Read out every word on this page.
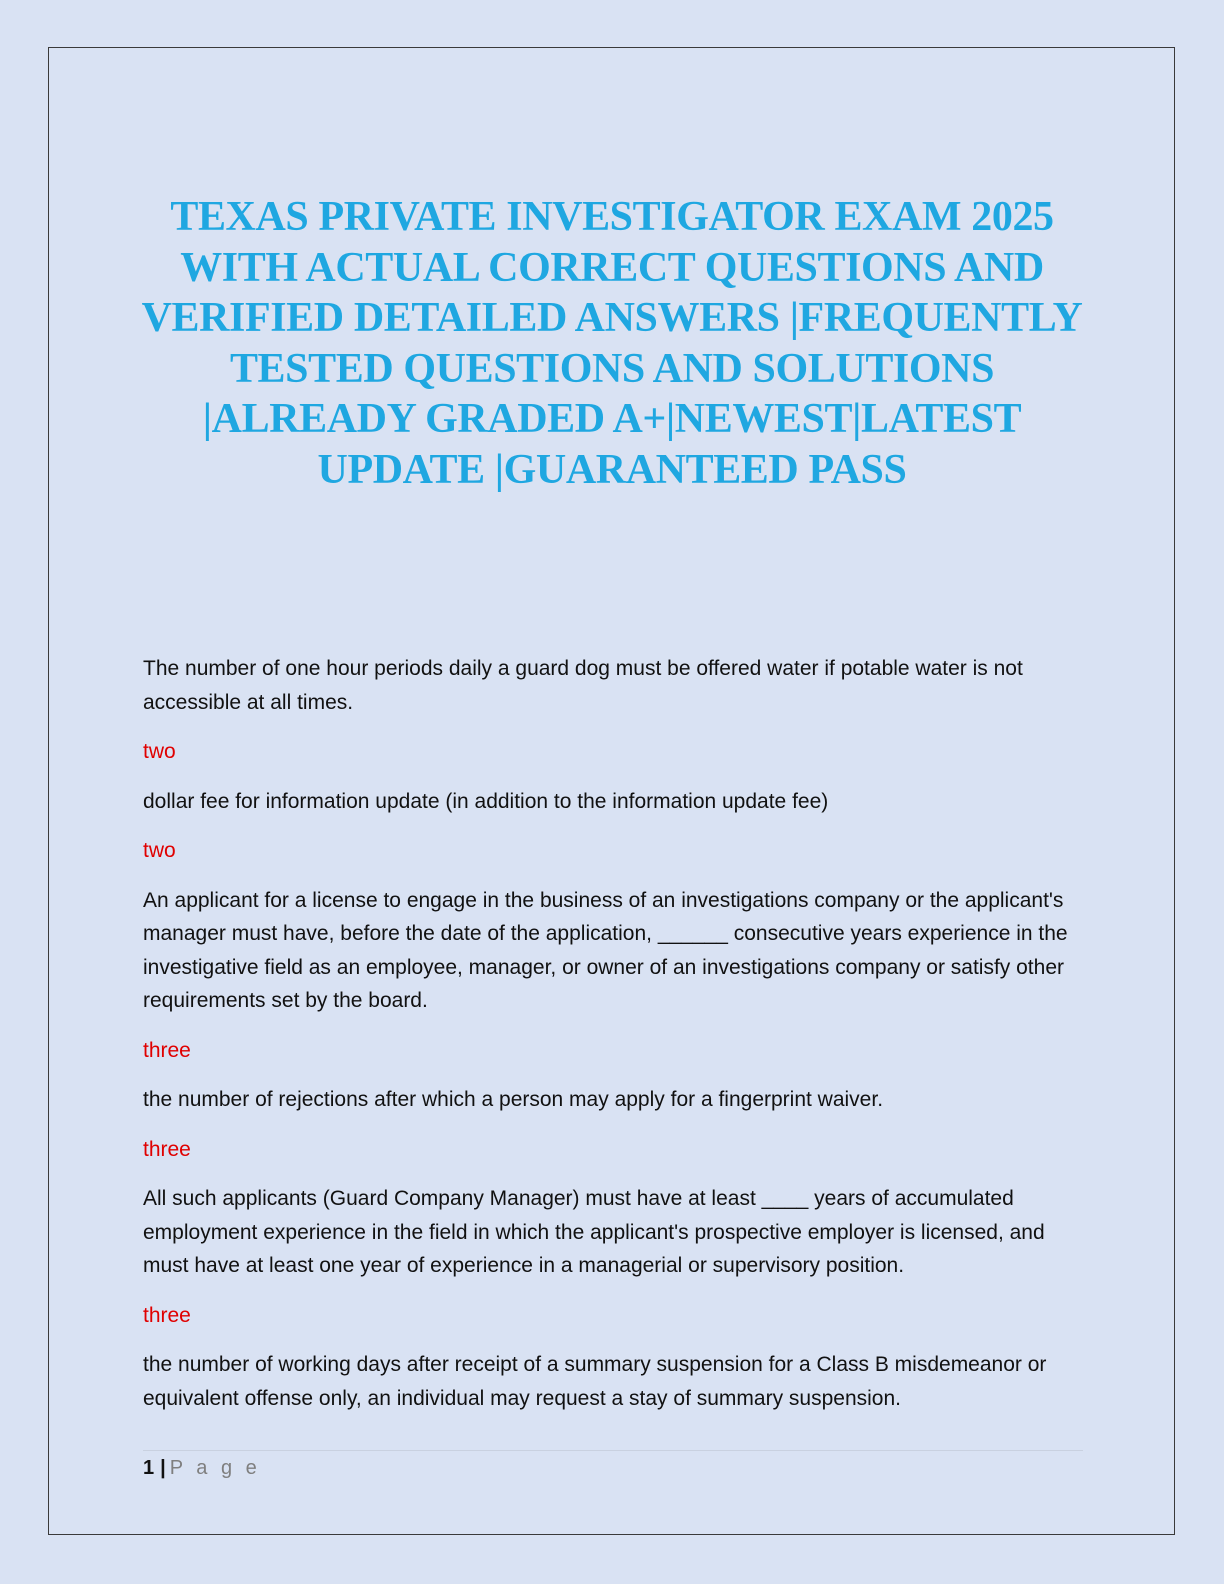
TEXAS PRIVATE INVESTIGATOR EXAM 2025 WITH ACTUAL CORRECT QUESTIONS AND VERIFIED DETAILED ANSWERS |FREQUENTLY TESTED QUESTIONS AND SOLUTIONS |ALREADY GRADED A+|NEWEST|LATEST UPDATE |GUARANTEED PASS

The number of one hour periods daily a guard dog must be offered water if potable water is not accessible at all times.

two

dollar fee for information update (in addition to the information update fee)

two

An applicant for a license to engage in the business of an investigations company or the applicant's manager must have, before the date of the application, ______ consecutive years experience in the investigative field as an employee, manager, or owner of an investigations company or satisfy other requirements set by the board.

three

the number of rejections after which a person may apply for a fingerprint waiver.

three

All such applicants (Guard Company Manager) must have at least ____ years of accumulated employment experience in the field in which the applicant's prospective employer is licensed, and must have at least one year of experience in a managerial or supervisory position.

three

the number of working days after receipt of a summary suspension for a Class B misdemeanor or equivalent offense only, an individual may request a stay of summary suspension.

1 | P a g e
